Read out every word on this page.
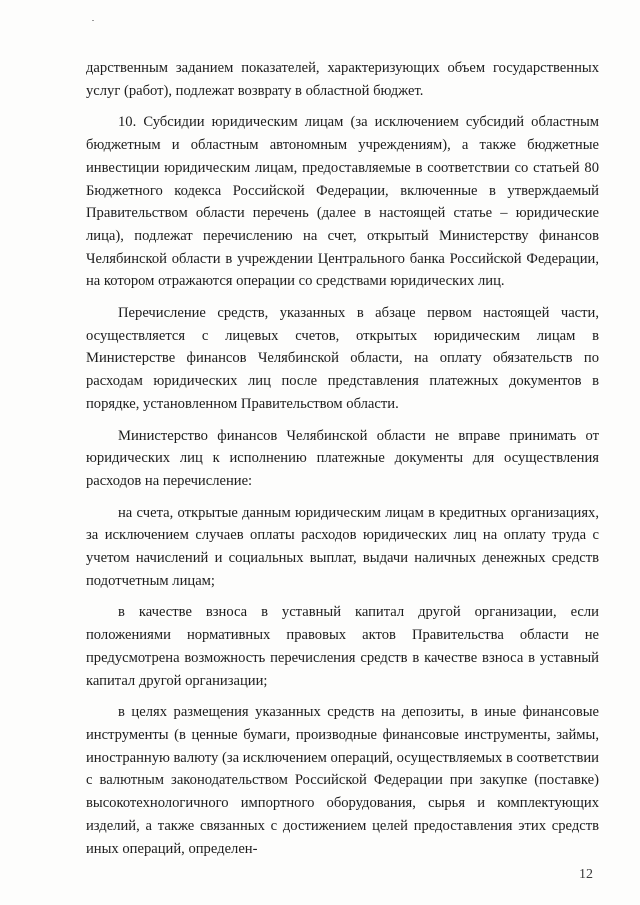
дарственным заданием показателей, характеризующих объем государственных услуг (работ), подлежат возврату в областной бюджет.

10. Субсидии юридическим лицам (за исключением субсидий областным бюджетным и областным автономным учреждениям), а также бюджетные инвестиции юридическим лицам, предоставляемые в соответствии со статьей 80 Бюджетного кодекса Российской Федерации, включенные в утверждаемый Правительством области перечень (далее в настоящей статье – юридические лица), подлежат перечислению на счет, открытый Министерству финансов Челябинской области в учреждении Центрального банка Российской Федерации, на котором отражаются операции со средствами юридических лиц.

Перечисление средств, указанных в абзаце первом настоящей части, осуществляется с лицевых счетов, открытых юридическим лицам в Министерстве финансов Челябинской области, на оплату обязательств по расходам юридических лиц после представления платежных документов в порядке, установленном Правительством области.

Министерство финансов Челябинской области не вправе принимать от юридических лиц к исполнению платежные документы для осуществления расходов на перечисление:

на счета, открытые данным юридическим лицам в кредитных организациях, за исключением случаев оплаты расходов юридических лиц на оплату труда с учетом начислений и социальных выплат, выдачи наличных денежных средств подотчетным лицам;

в качестве взноса в уставный капитал другой организации, если положениями нормативных правовых актов Правительства области не предусмотрена возможность перечисления средств в качестве взноса в уставный капитал другой организации;

в целях размещения указанных средств на депозиты, в иные финансовые инструменты (в ценные бумаги, производные финансовые инструменты, займы, иностранную валюту (за исключением операций, осуществляемых в соответствии с валютным законодательством Российской Федерации при закупке (поставке) высокотехнологичного импортного оборудования, сырья и комплектующих изделий, а также связанных с достижением целей предоставления этих средств иных операций, определен-

12
